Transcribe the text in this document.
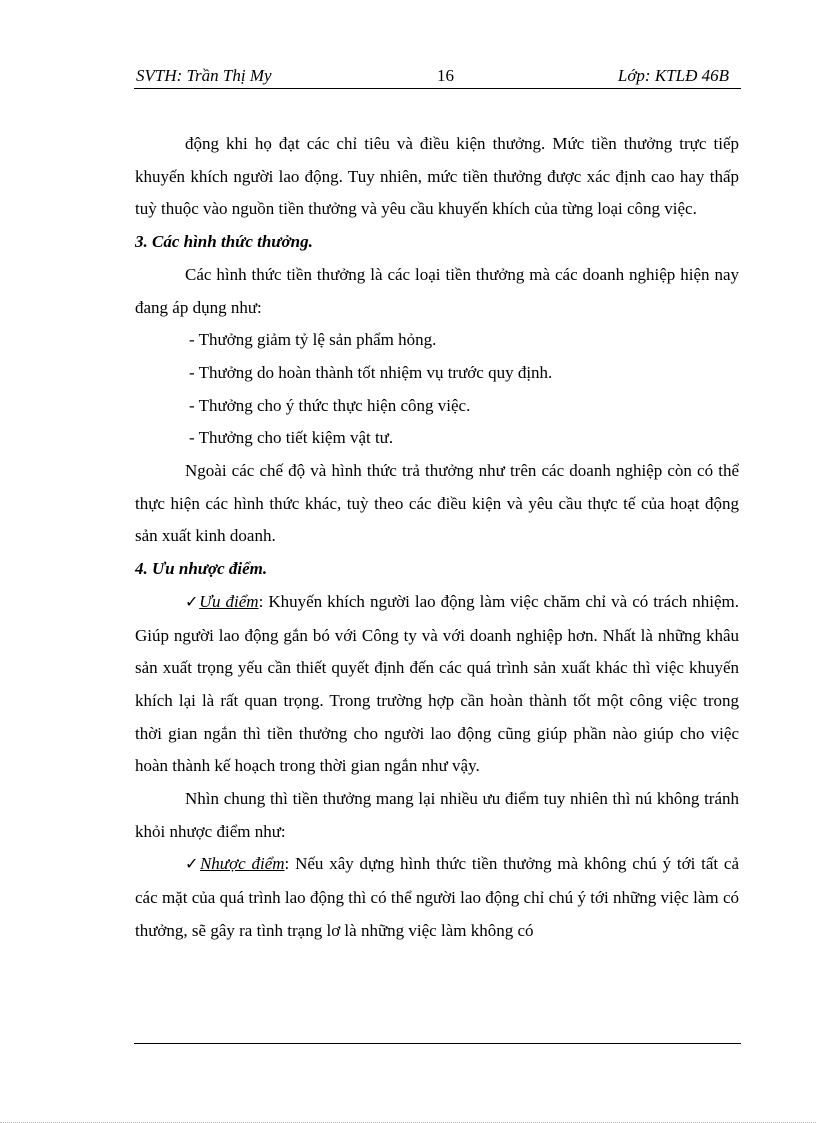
SVTH: Trần Thị My	16	Lớp: KTLĐ 46B

động khi họ đạt các chỉ tiêu và điều kiện thưởng. Mức tiền thưởng trực tiếp khuyến khích người lao động. Tuy nhiên, mức tiền thưởng được xác định cao hay thấp tuỳ thuộc vào nguồn tiền thưởng và yêu cầu khuyến khích của từng loại công việc.

3. Các hình thức thưởng.

Các hình thức tiền thưởng là các loại tiền thưởng mà các doanh nghiệp hiện nay đang áp dụng như:

- Thưởng giảm tỷ lệ sản phẩm hỏng.

- Thưởng do hoàn thành tốt nhiệm vụ trước quy định.

- Thưởng cho ý thức thực hiện công việc.

- Thưởng cho tiết kiệm vật tư.

Ngoài các chế độ và hình thức trả thưởng như trên các doanh nghiệp còn có thể thực hiện các hình thức khác, tuỳ theo các điều kiện và yêu cầu thực tế của hoạt động sản xuất kinh doanh.

4. Ưu nhược điểm.

✓Ưu điểm: Khuyến khích người lao động làm việc chăm chỉ và có trách nhiệm. Giúp người lao động gắn bó với Công ty và với doanh nghiệp hơn. Nhất là những khâu sản xuất trọng yếu cần thiết quyết định đến các quá trình sản xuất khác thì việc khuyến khích lại là rất quan trọng. Trong trường hợp cần hoàn thành tốt một công việc trong thời gian ngắn thì tiền thưởng cho người lao động cũng giúp phần nào giúp cho việc hoàn thành kế hoạch trong thời gian ngắn như vậy.

Nhìn chung thì tiền thưởng mang lại nhiều ưu điểm tuy nhiên thì nú không tránh khỏi nhược điểm như:

✓Nhược điểm: Nếu xây dựng hình thức tiền thưởng mà không chú ý tới tất cả các mặt của quá trình lao động thì có thể người lao động chỉ chú ý tới những việc làm có thưởng, sẽ gây ra tình trạng lơ là những việc làm không có
